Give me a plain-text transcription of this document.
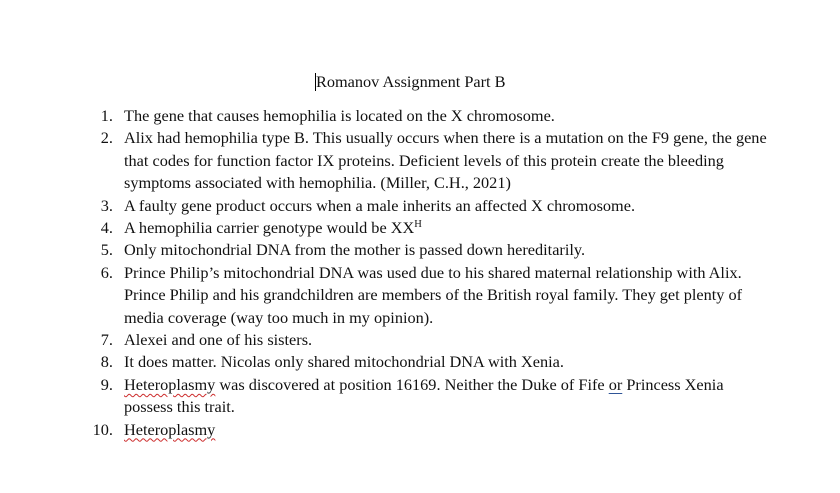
Romanov Assignment Part B
1. The gene that causes hemophilia is located on the X chromosome.
2. Alix had hemophilia type B. This usually occurs when there is a mutation on the F9 gene, the gene that codes for function factor IX proteins. Deficient levels of this protein create the bleeding symptoms associated with hemophilia. (Miller, C.H., 2021)
3. A faulty gene product occurs when a male inherits an affected X chromosome.
4. A hemophilia carrier genotype would be $XX^H$
5. Only mitochondrial DNA from the mother is passed down hereditarily.
6. Prince Philip’s mitochondrial DNA was used due to his shared maternal relationship with Alix.
Prince Philip and his grandchildren are members of the British royal family. They get plenty of media coverage (way too much in my opinion).
7. Alexei and one of his sisters.
8. It does matter. Nicolas only shared mitochondrial DNA with Xenia.
9. Heteroplasmy was discovered at position 16169. Neither the Duke of Fife or Princess Xenia possess this trait.
10. Heteroplasmy
